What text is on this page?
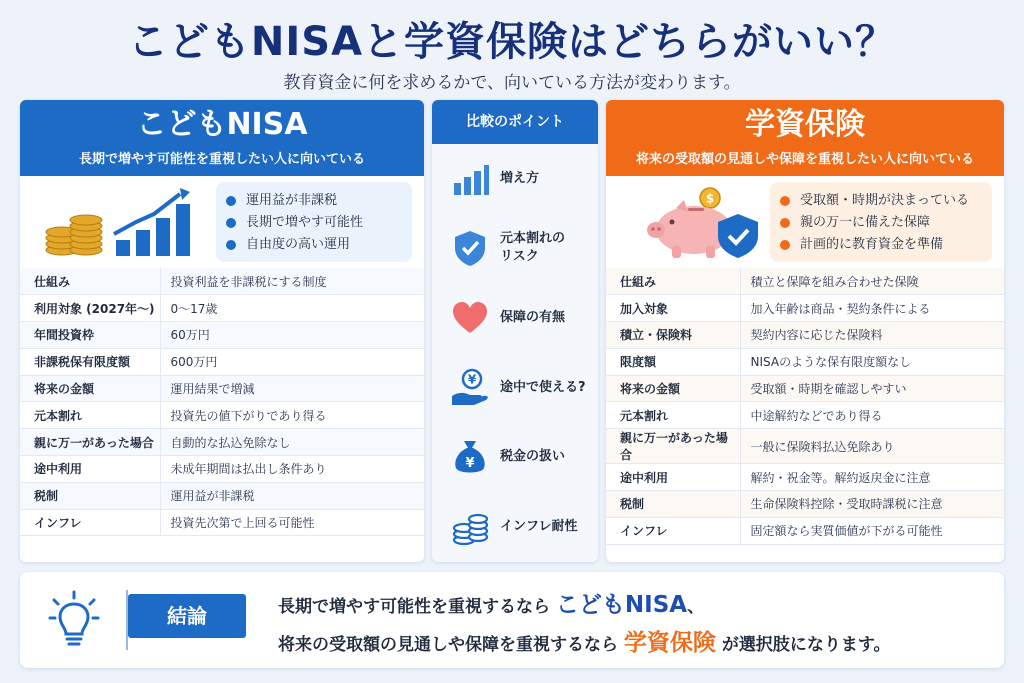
こどもNISAと学資保険はどちらがいい？
教育資金に何を求めるかで、向いている方法が変わります。
こどもNISA
長期で増やす可能性を重視したい人に向いている
運用益が非課税
長期で増やす可能性
自由度の高い運用
仕組み	投資利益を非課税にする制度
利用対象 (2027年〜)	0〜17歳
年間投資枠	60万円
非課税保有限度額	600万円
将来の金額	運用結果で増減
元本割れ	投資先の値下がりであり得る
親に万一があった場合	自動的な払込免除なし
途中利用	未成年期間は払出し条件あり
税制	運用益が非課税
インフレ	投資先次第で上回る可能性
比較のポイント
増え方
元本割れの
リスク
保障の有無
¥
途中で使える?
¥ 税金の扱い
インフレ耐性
学資保険
将来の受取額の見通しや保障を重視したい人に向いている
$	受取額・時期が決まっている
親の万一に備えた保障
計画的に教育資金を準備
仕組み	積立と保障を組み合わせた保険
加入対象	加入年齢は商品・契約条件による
積立・保険料	契約内容に応じた保険料
限度額	NISAのような保有限度額なし
将来の金額	受取額・時期を確認しやすい
元本割れ	中途解約などであり得る
親に万一があった場合	一般に保険料払込免除あり
途中利用	解約・祝金等。解約返戻金に注意
税制	生命保険料控除・受取時課税に注意
インフレ	固定額なら実質価値が下がる可能性
結論	長期で増やす可能性を重視するなら こどもNISA、
将来の受取額の見通しや保障を重視するなら 学資保険 が選択肢になります。
